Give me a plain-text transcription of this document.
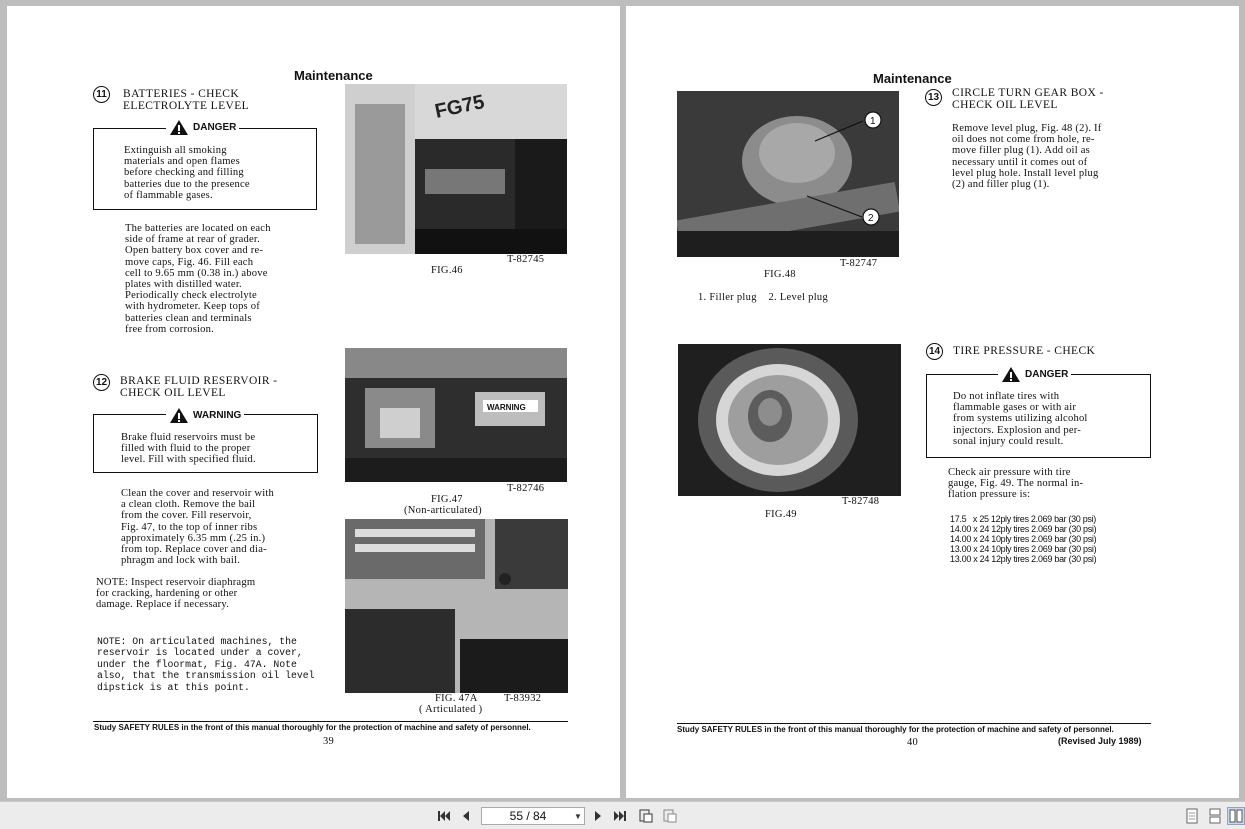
Maintenance
11 BATTERIES - CHECK
ELECTROLYTE LEVEL
DANGER
Extinguish all smoking
materials and open flames
before checking and filling
batteries due to the presence
of flammable gases.
The batteries are located on each
side of frame at rear of grader.
Open battery box cover and re-
move caps, Fig. 46. Fill each
cell to 9.65 mm (0.38 in.) above
plates with distilled water.
Periodically check electrolyte
with hydrometer. Keep tops of
batteries clean and terminals
free from corrosion.
FG75
T-82745
FIG.46
12 BRAKE FLUID RESERVOIR -
CHECK OIL LEVEL
WARNING
Brake fluid reservoirs must be
filled with fluid to the proper
level. Fill with specified fluid.
Clean the cover and reservoir with
a clean cloth. Remove the bail
from the cover. Fill reservoir,
Fig. 47, to the top of inner ribs
approximately 6.35 mm (.25 in.)
from top. Replace cover and dia-
phragm and lock with bail.
NOTE: Inspect reservoir diaphragm
for cracking, hardening or other
damage. Replace if necessary.
NOTE: On articulated machines, the
reservoir is located under a cover,
under the floormat, Fig. 47A. Note
also, that the transmission oil level
dipstick is at this point.
WARNING
T-82746
FIG.47
(Non-articulated)
FIG. 47A	T-83932
( Articulated )
Study SAFETY RULES in the front of this manual thoroughly for the protection of machine and safety of personnel.
39
Maintenance
1
2
T-82747
FIG.48
1. Filler plug    2. Level plug
13 CIRCLE TURN GEAR BOX -
CHECK OIL LEVEL
Remove level plug, Fig. 48 (2). If
oil does not come from hole, re-
move filler plug (1). Add oil as
necessary until it comes out of
level plug hole. Install level plug
(2) and filler plug (1).
T-82748
FIG.49
14 TIRE PRESSURE - CHECK
DANGER
Do not inflate tires with
flammable gases or with air
from systems utilizing alcohol
injectors. Explosion and per-
sonal injury could result.
Check air pressure with tire
gauge, Fig. 49. The normal in-
flation pressure is:
17.5   x 25 12ply tires 2.069 bar (30 psi)
14.00 x 24 12ply tires 2.069 bar (30 psi)
14.00 x 24 10ply tires 2.069 bar (30 psi)
13.00 x 24 10ply tires 2.069 bar (30 psi)
13.00 x 24 12ply tires 2.069 bar (30 psi)
Study SAFETY RULES in the front of this manual thoroughly for the protection of machine and safety of personnel.
40	(Revised July 1989)
55 / 84	▼
